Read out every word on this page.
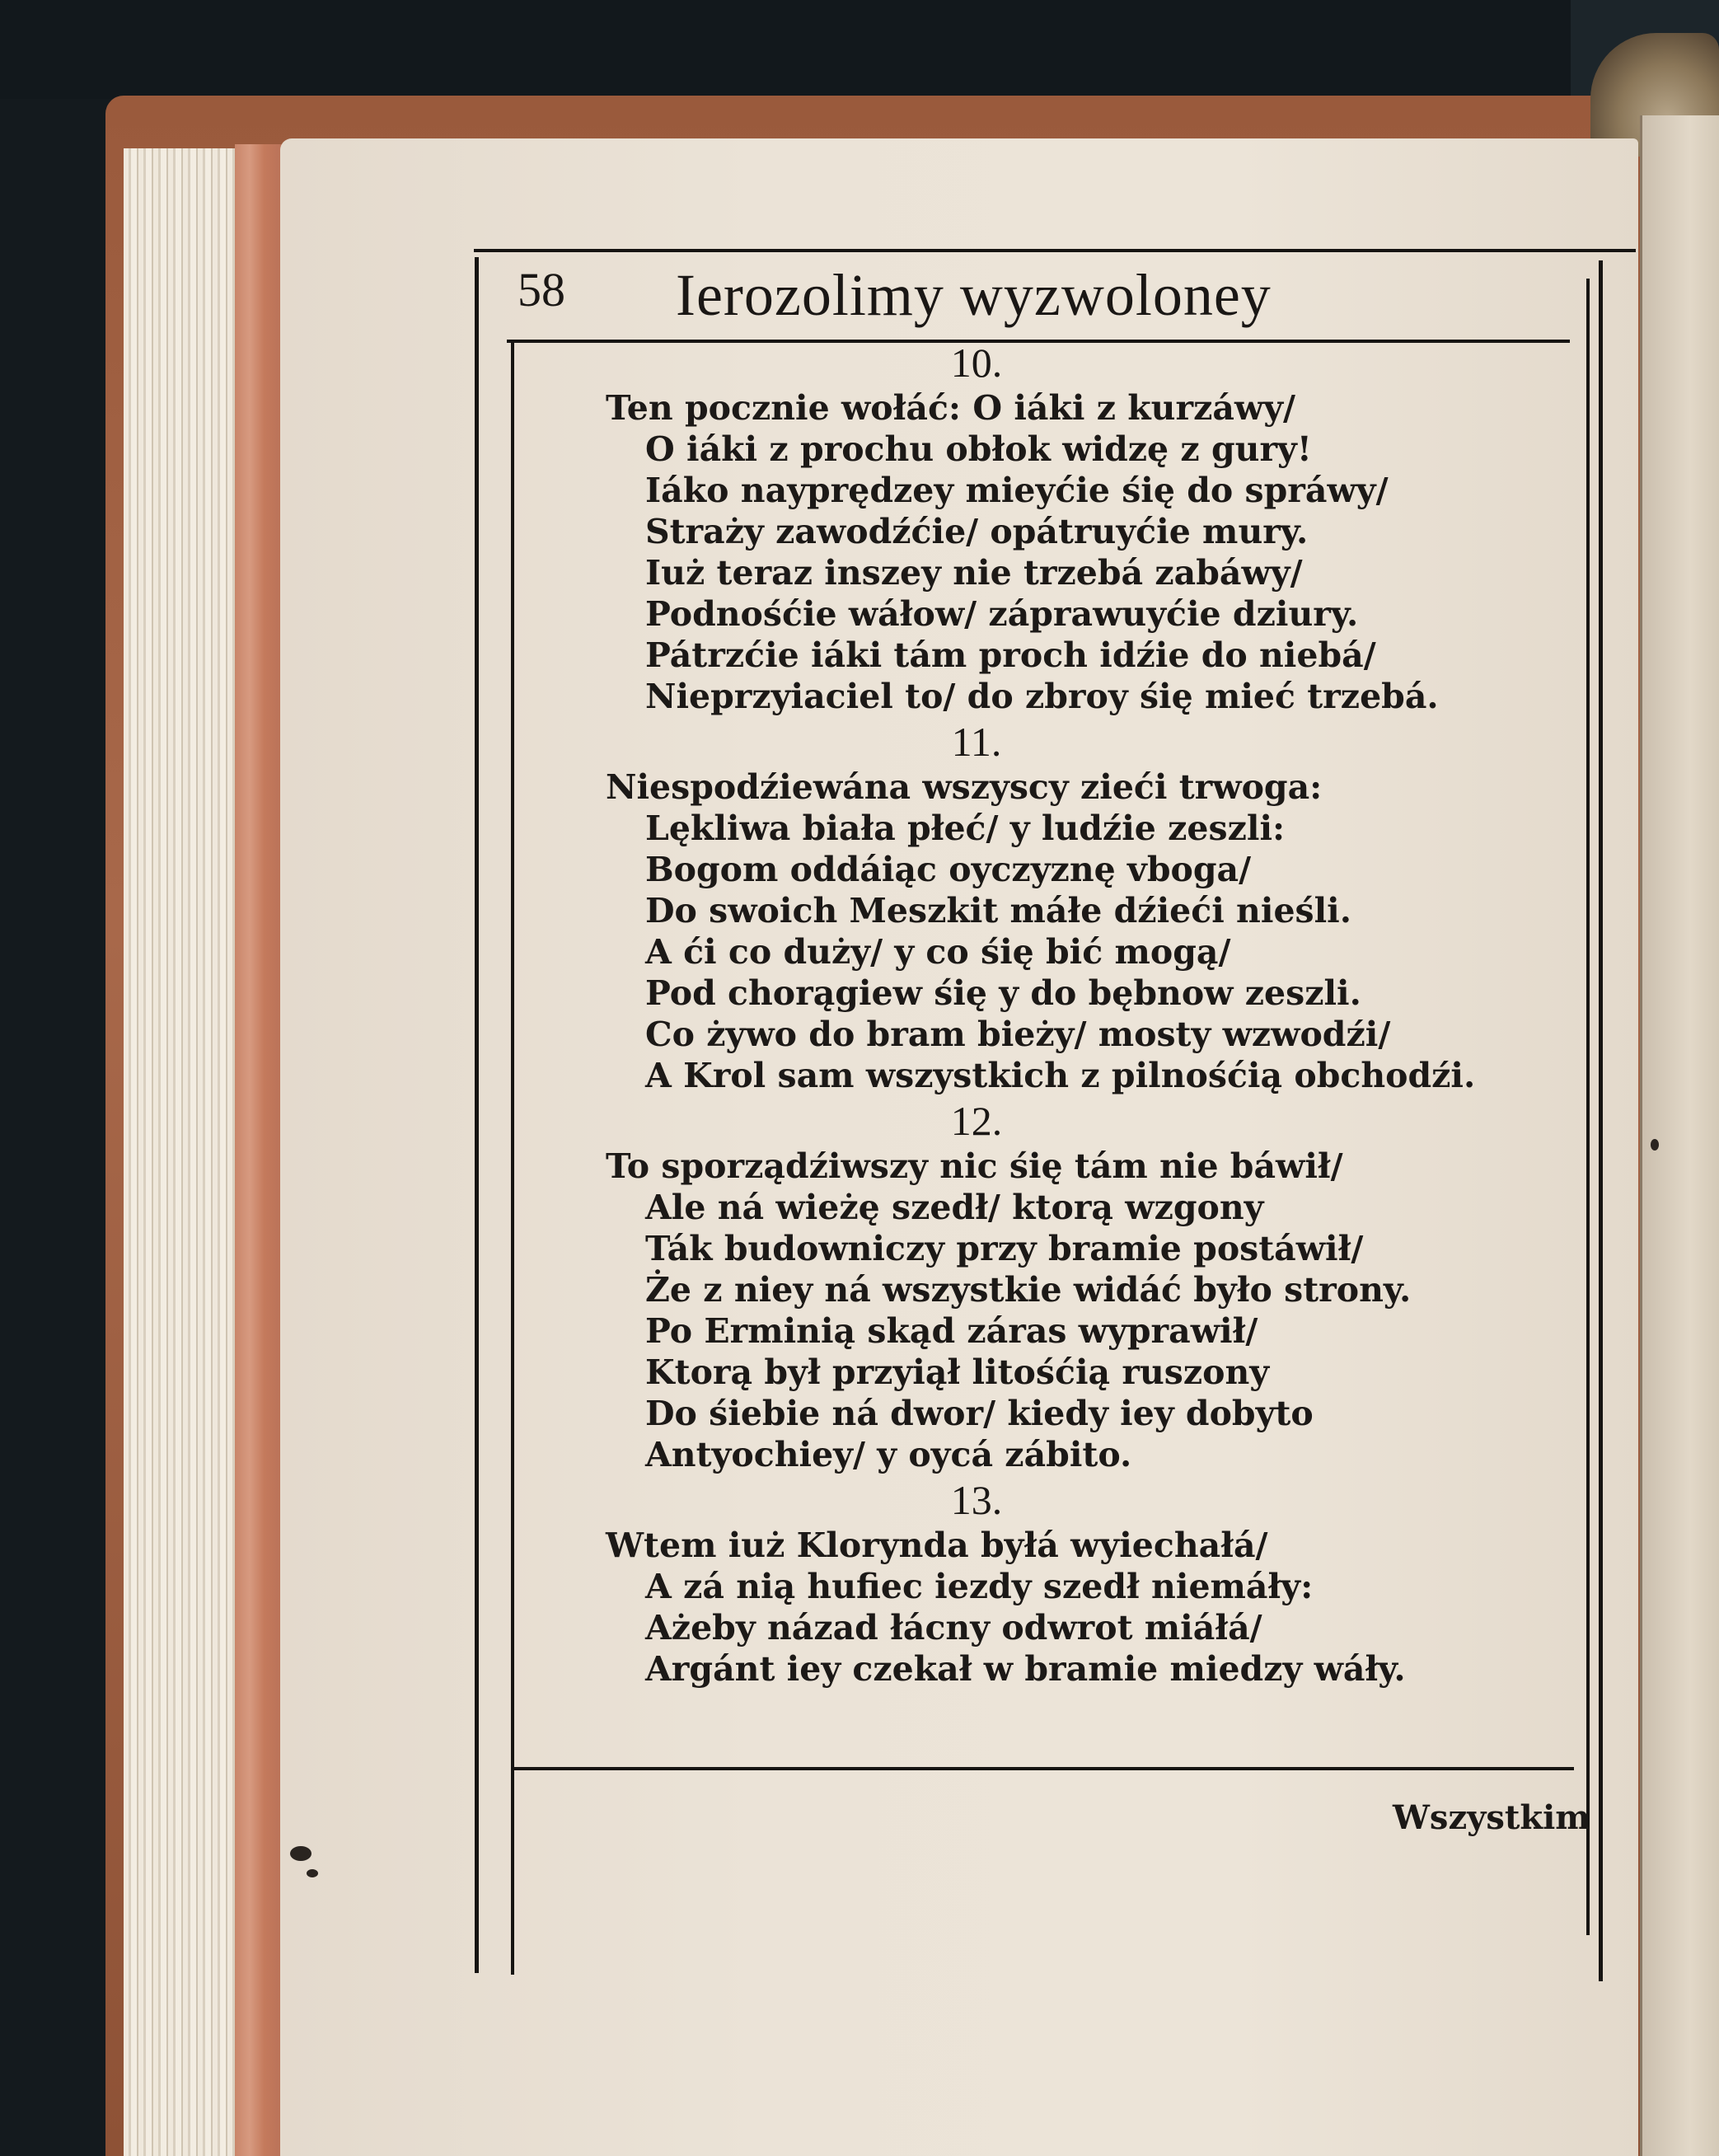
58 Ierozolimy wyzwoloney
10.
Ten pocznie wołáć: O iáki z kurzáwy/
O iáki z prochu obłok widzę z gury!
Iáko nayprędzey mieyćie śię do spráwy/
Straży zawodźćie/ opátruyćie mury.
Iuż teraz inszey nie trzebá zabáwy/
Podnośćie wáłow/ záprawuyćie dziury.
Pátrzćie iáki tám proch idźie do niebá/
Nieprzyiaciel to/ do zbroy śię mieć trzebá.
11.
Niespodźiewána wszyscy zieći trwoga:
Lękliwa biała płeć/ y ludźie zeszli:
Bogom oddáiąc oyczyznę vboga/
Do swoich Meszkit máłe dźieći nieśli.
A ći co duży/ y co śię bić mogą/
Pod chorągiew śię y do bębnow zeszli.
Co żywo do bram bieży/ mosty wzwodźi/
A Krol sam wszystkich z pilnośćią obchodźi.
12.
To sporządźiwszy nic śię tám nie báwił/
Ale ná wieżę szedł/ ktorą wzgony
Ták budowniczy przy bramie postáwił/
Że z niey ná wszystkie widáć było strony.
Po Erminią skąd záras wyprawił/
Ktorą był przyiął litośćią ruszony
Do śiebie ná dwor/ kiedy iey dobyto
Antyochiey/ y oycá zábito.
13.
Wtem iuż Klorynda byłá wyiechałá/
A zá nią hufiec iezdy szedł niemáły:
Ażeby názad łácny odwrot miáłá/
Argánt iey czekał w bramie miedzy wáły.
Wszystkim
